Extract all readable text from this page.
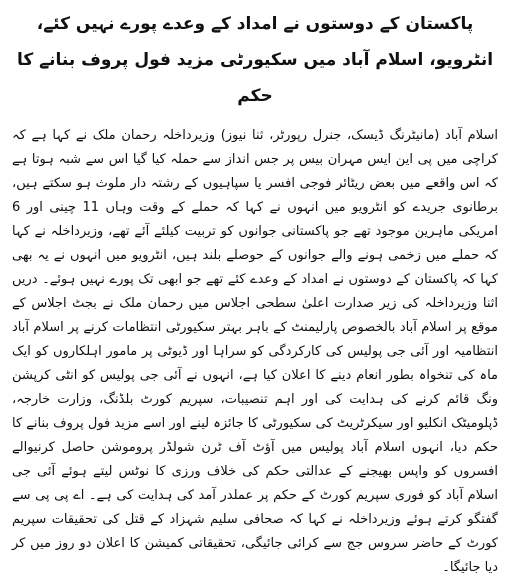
پاکستان کے دوستوں نے امداد کے وعدے پورے نہیں کئے، انٹرویو، اسلام آباد میں سکیورٹی مزید فول پروف بنانے کا حکم

اسلام آباد (مانیٹرنگ ڈیسک، جنرل رپورٹر، ثنا نیوز) وزیرداخلہ رحمان ملک نے کہا ہے کہ کراچی میں پی این ایس مہران بیس پر جس انداز سے حملہ کیا گیا اس سے شبہ ہوتا ہے کہ اس واقعے میں بعض ریٹائر فوجی افسر یا سپاہیوں کے رشتہ دار ملوث ہو سکتے ہیں، برطانوی جریدے کو انٹرویو میں انہوں نے کہا کہ حملے کے وقت وہاں 11 چینی اور 6 امریکی ماہرین موجود تھے جو پاکستانی جوانوں کو تربیت کیلئے آئے تھے، وزیرداخلہ نے کہا کہ حملے میں زخمی ہونے والے جوانوں کے حوصلے بلند ہیں، انٹرویو میں انہوں نے یہ بھی کہا کہ پاکستان کے دوستوں نے امداد کے وعدے کئے تھے جو ابھی تک پورے نہیں ہوئے۔ دریں اثنا وزیرداخلہ کی زیر صدارت اعلیٰ سطحی اجلاس میں رحمان ملک نے بجٹ اجلاس کے موقع پر اسلام آباد بالخصوص پارلیمنٹ کے باہر بہتر سکیورٹی انتظامات کرنے پر اسلام آباد انتظامیہ اور آئی جی پولیس کی کارکردگی کو سراہا اور ڈیوٹی پر مامور اہلکاروں کو ایک ماہ کی تنخواہ بطور انعام دینے کا اعلان کیا ہے، انہوں نے آئی جی پولیس کو انٹی کرپشن ونگ قائم کرنے کی ہدایت کی اور اہم تنصیبات، سپریم کورٹ بلڈنگ، وزارت خارجہ، ڈپلومیٹک انکلیو اور سیکرٹریٹ کی سکیورٹی کا جائزہ لینے اور اسے مزید فول پروف بنانے کا حکم دیا، انہوں اسلام آباد پولیس میں آؤٹ آف ٹرن شولڈر پروموشن حاصل کرنیوالے افسروں کو واپس بھیجنے کے عدالتی حکم کی خلاف ورزی کا نوٹس لیتے ہوئے آئی جی اسلام آباد کو فوری سپریم کورٹ کے حکم پر عملدر آمد کی ہدایت کی ہے۔ اے پی پی سے گفتگو کرتے ہوئے وزیرداخلہ نے کہا کہ صحافی سلیم شہزاد کے قتل کی تحقیقات سپریم کورٹ کے حاضر سروس جج سے کرائی جائیگی، تحقیقاتی کمیشن کا اعلان دو روز میں کر دیا جائیگا۔
